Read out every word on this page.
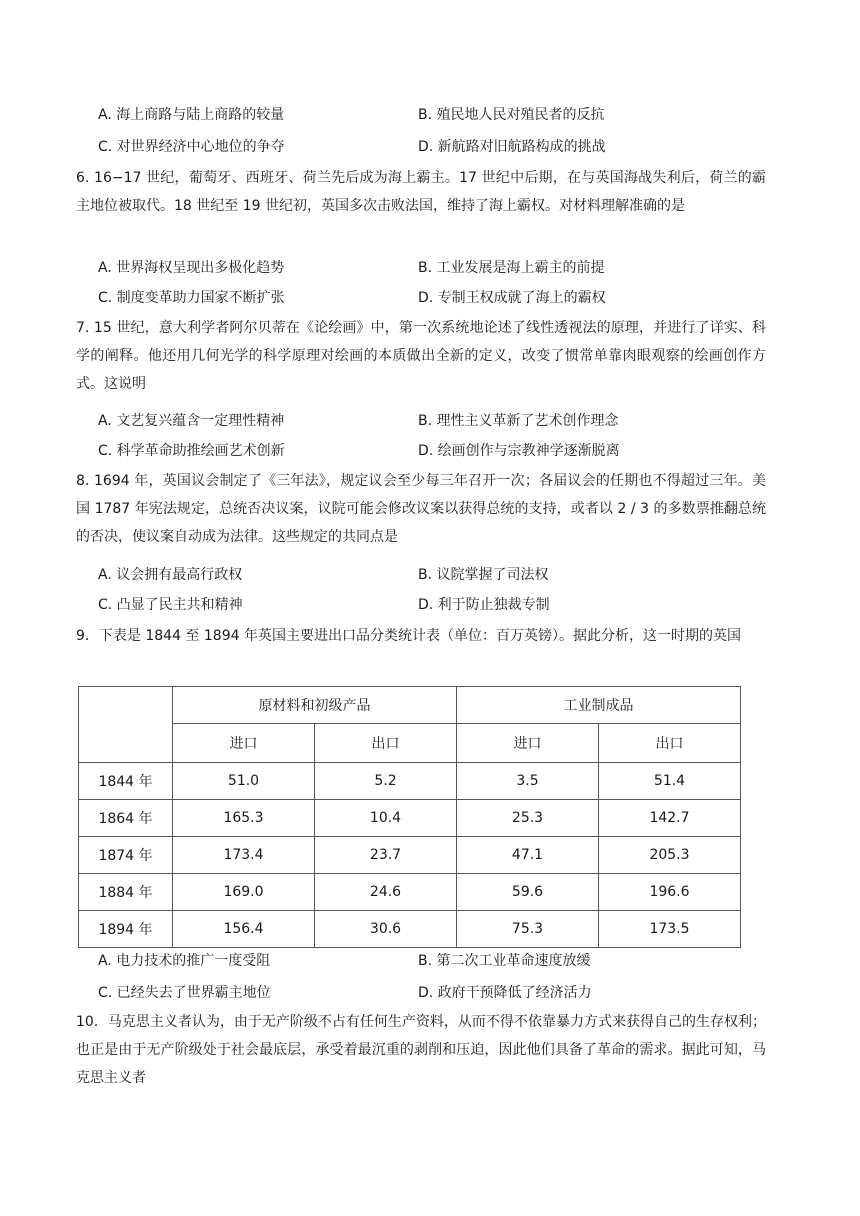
A. 海上商路与陆上商路的较量	B. 殖民地人民对殖民者的反抗
C. 对世界经济中心地位的争夺	D. 新航路对旧航路构成的挑战

6. 16−17 世纪，葡萄牙、西班牙、荷兰先后成为海上霸主。17 世纪中后期，在与英国海战失利后，荷兰的霸主地位被取代。18 世纪至 19 世纪初，英国多次击败法国，维持了海上霸权。对材料理解准确的是

A. 世界海权呈现出多极化趋势	B. 工业发展是海上霸主的前提
C. 制度变革助力国家不断扩张	D. 专制王权成就了海上的霸权

7. 15 世纪，意大利学者阿尔贝蒂在《论绘画》中，第一次系统地论述了线性透视法的原理，并进行了详实、科学的阐释。他还用几何光学的科学原理对绘画的本质做出全新的定义，改变了惯常单靠肉眼观察的绘画创作方式。这说明

A. 文艺复兴蕴含一定理性精神	B. 理性主义革新了艺术创作理念
C. 科学革命助推绘画艺术创新	D. 绘画创作与宗教神学逐渐脱离

8. 1694 年，英国议会制定了《三年法》，规定议会至少每三年召开一次；各届议会的任期也不得超过三年。美国 1787 年宪法规定，总统否决议案，议院可能会修改议案以获得总统的支持，或者以 2 / 3 的多数票推翻总统的否决，使议案自动成为法律。这些规定的共同点是

A. 议会拥有最高行政权	B. 议院掌握了司法权
C. 凸显了民主共和精神	D. 利于防止独裁专制

9．下表是 1844 至 1894 年英国主要进出口品分类统计表（单位：百万英镑）。据此分析，这一时期的英国

	原材料和初级产品		工业制成品	
	进口	出口	进口	出口
1844 年	51.0	5.2	3.5	51.4
1864 年	165.3	10.4	25.3	142.7
1874 年	173.4	23.7	47.1	205.3
1884 年	169.0	24.6	59.6	196.6
1894 年	156.4	30.6	75.3	173.5
A. 电力技术的推广一度受阻	B. 第二次工业革命速度放缓
C. 已经失去了世界霸主地位	D. 政府干预降低了经济活力

10．马克思主义者认为，由于无产阶级不占有任何生产资料，从而不得不依靠暴力方式来获得自己的生存权利；也正是由于无产阶级处于社会最底层，承受着最沉重的剥削和压迫，因此他们具备了革命的需求。据此可知，马克思主义者
